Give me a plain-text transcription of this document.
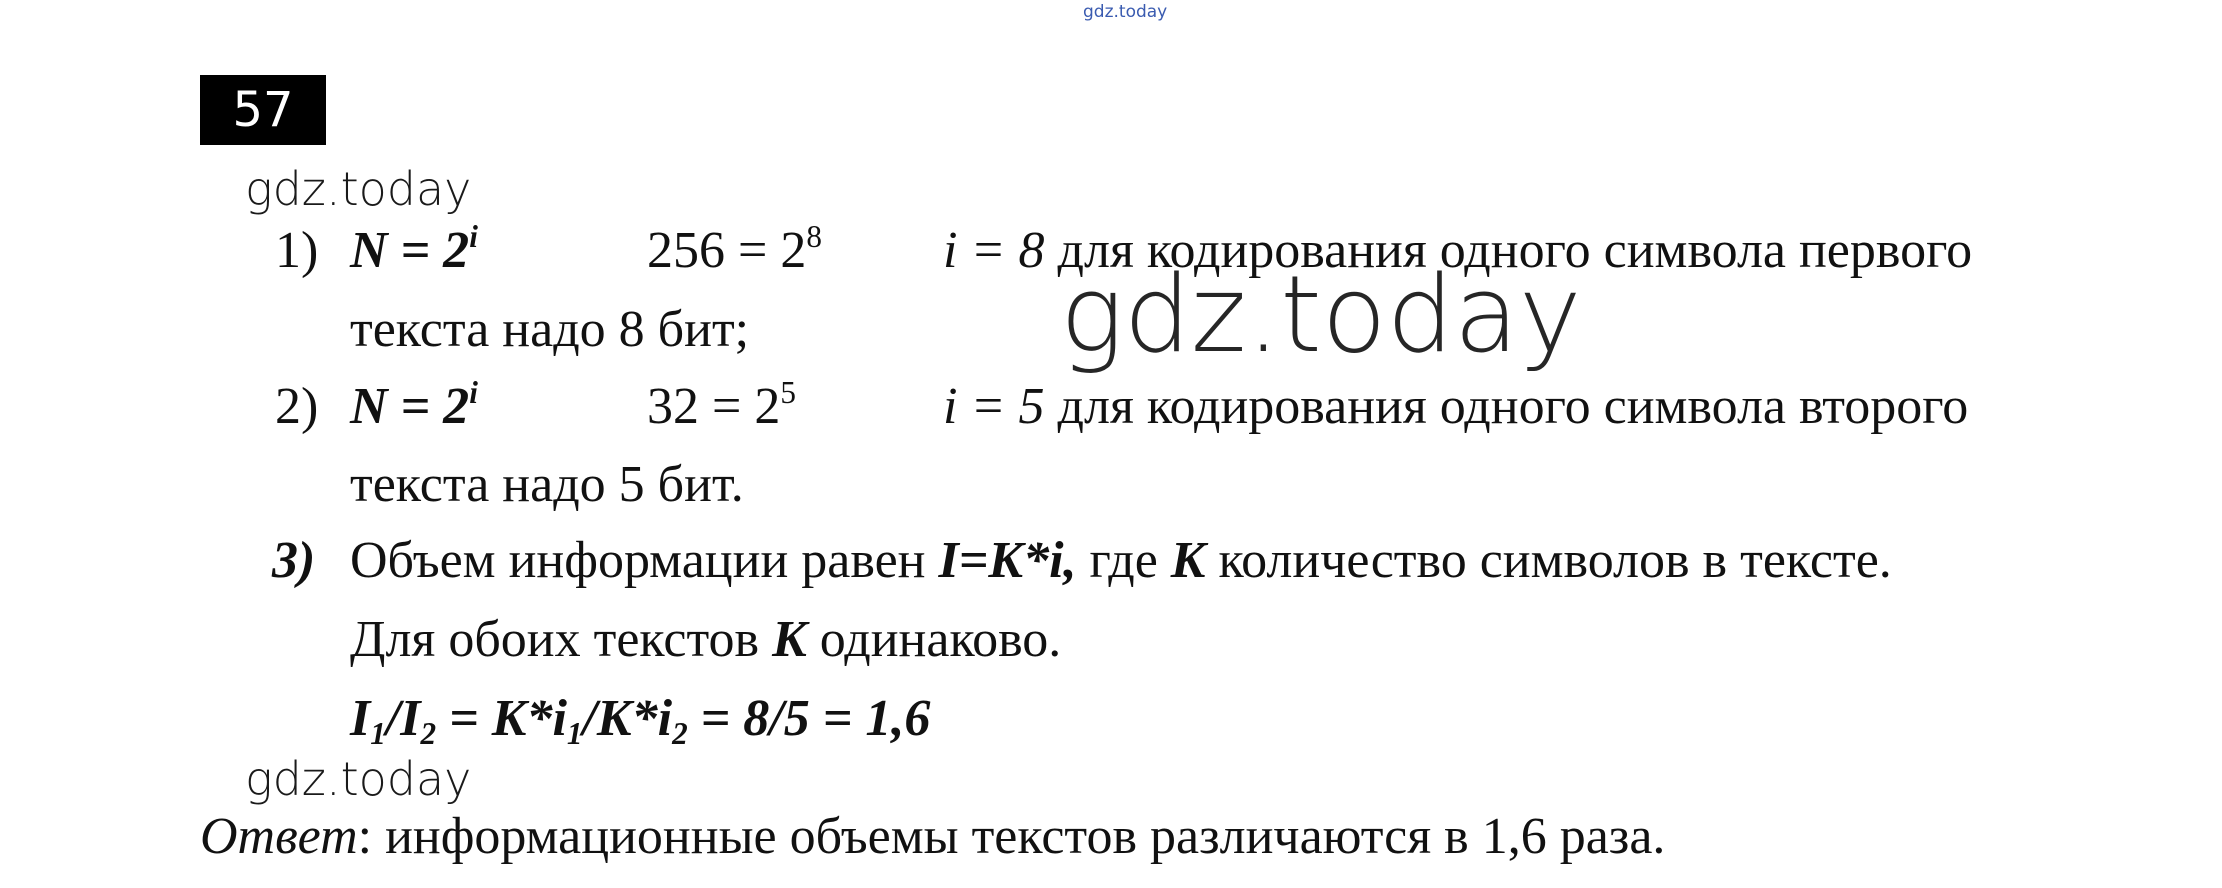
gdz.today
57
gdz.today
1) $N = 2^i$	$256 = 2^8$ i = 8 для кодирования одного символа первого
текста надо 8 бит;	gdz.today
2) $N = 2^i$	$32 = 2^5$	i = 5 для кодирования одного символа второго
текста надо 5 бит.
3) Объем информации равен I=K*i, где K количество символов в тексте.
Для обоих текстов K одинаково.
$I_1/I_2 = K*i_1/K*i_2 = 8/5 = 1,6$
gdz.today
Ответ: информационные объемы текстов различаются в 1,6 раза.
